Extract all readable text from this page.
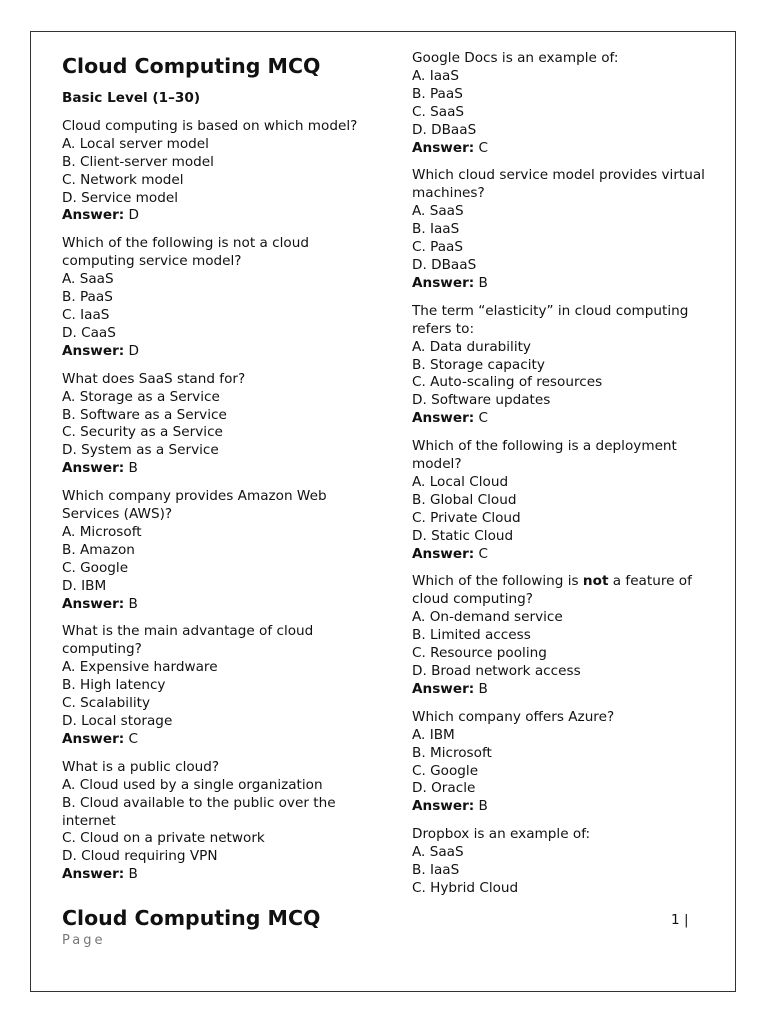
Cloud Computing MCQ
Basic Level (1–30)
Cloud computing is based on which model?
A. Local server model
B. Client-server model
C. Network model
D. Service model
Answer: D
Which of the following is not a cloud computing service model?
A. SaaS
B. PaaS
C. IaaS
D. CaaS
Answer: D
What does SaaS stand for?
A. Storage as a Service
B. Software as a Service
C. Security as a Service
D. System as a Service
Answer: B
Which company provides Amazon Web Services (AWS)?
A. Microsoft
B. Amazon
C. Google
D. IBM
Answer: B
What is the main advantage of cloud computing?
A. Expensive hardware
B. High latency
C. Scalability
D. Local storage
Answer: C
What is a public cloud?
A. Cloud used by a single organization
B. Cloud available to the public over the internet
C. Cloud on a private network
D. Cloud requiring VPN
Answer: B
Google Docs is an example of:
A. IaaS
B. PaaS
C. SaaS
D. DBaaS
Answer: C
Which cloud service model provides virtual machines?
A. SaaS
B. IaaS
C. PaaS
D. DBaaS
Answer: B
The term “elasticity” in cloud computing refers to:
A. Data durability
B. Storage capacity
C. Auto-scaling of resources
D. Software updates
Answer: C
Which of the following is a deployment model?
A. Local Cloud
B. Global Cloud
C. Private Cloud
D. Static Cloud
Answer: C
Which of the following is not a feature of cloud computing?
A. On-demand service
B. Limited access
C. Resource pooling
D. Broad network access
Answer: B
Which company offers Azure?
A. IBM
B. Microsoft
C. Google
D. Oracle
Answer: B
Dropbox is an example of:
A. SaaS
B. IaaS
C. Hybrid Cloud
Cloud Computing MCQ
Page
1 |
